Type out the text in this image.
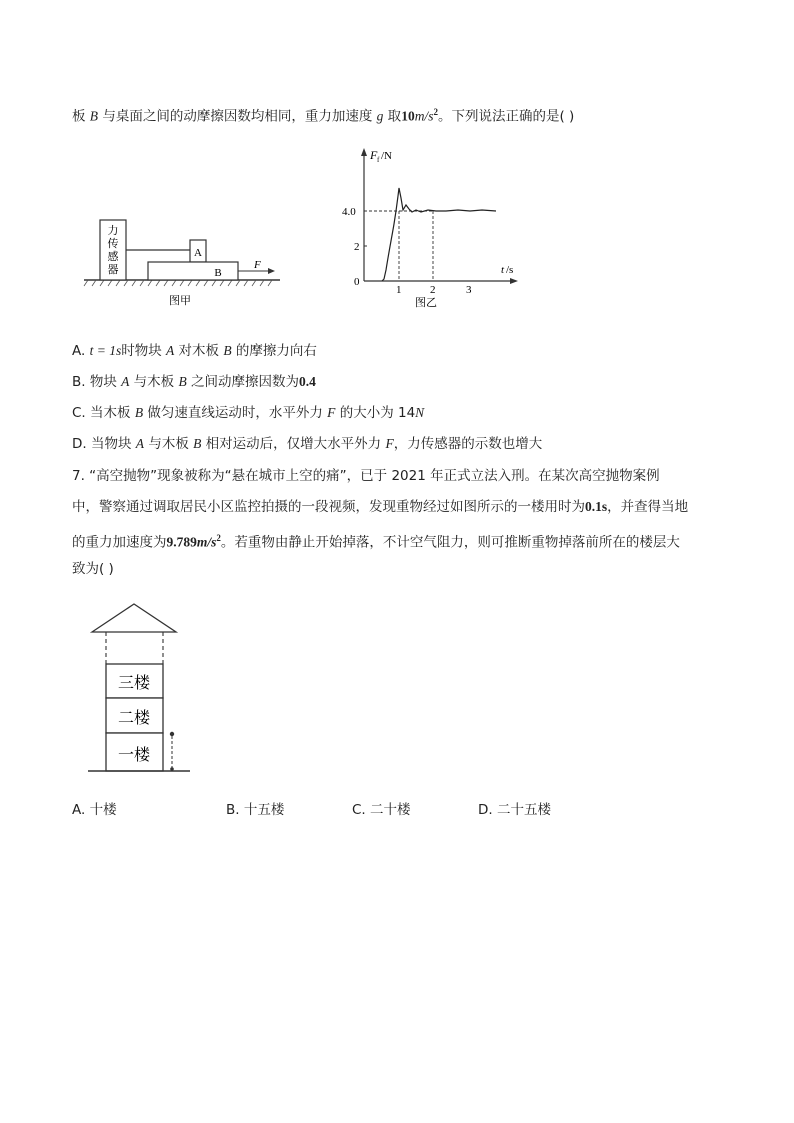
板 B 与桌面之间的动摩擦因数均相同，重力加速度 g 取$10m/s^2$。下列说法正确的是( )
力
传
感
器
A
B
F
图甲
F f /N
t /s
0
2
4.0
1	2	3
图乙
A. t = 1s时物块 A 对木板 B 的摩擦力向右
B. 物块 A 与木板 B 之间动摩擦因数为0.4
C. 当木板 B 做匀速直线运动时，水平外力 F 的大小为 14N
D. 当物块 A 与木板 B 相对运动后，仅增大水平外力 F，力传感器的示数也增大
7. “高空抛物”现象被称为“悬在城市上空的痛”，已于 2021 年正式立法入刑。在某次高空抛物案例
中，警察通过调取居民小区监控拍摄的一段视频，发现重物经过如图所示的一楼用时为0.1s，并查得当地
的重力加速度为$9.789m/s^2$。若重物由静止开始掉落，不计空气阻力，则可推断重物掉落前所在的楼层大
致为( )
三楼
二楼
一楼
A. 十楼	B. 十五楼	C. 二十楼	D. 二十五楼
